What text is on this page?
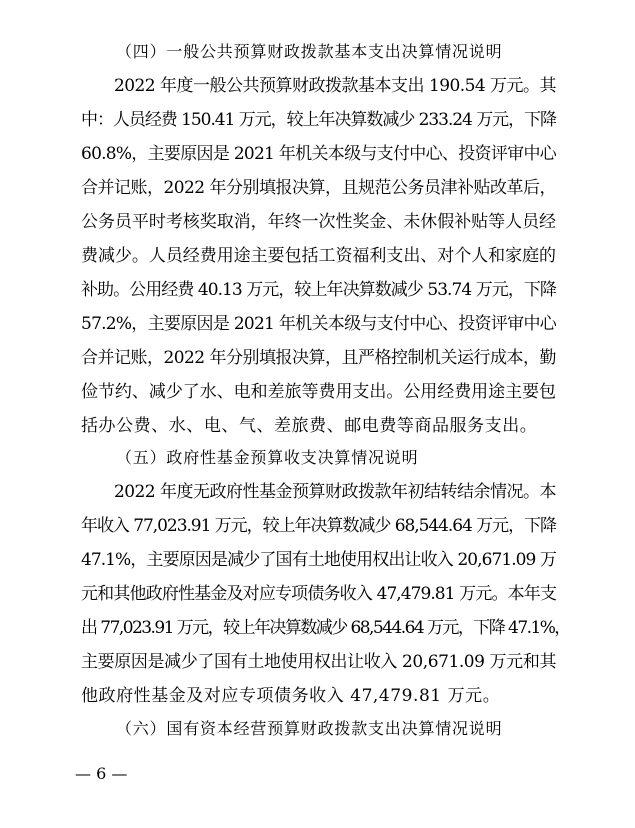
（四）一般公共预算财政拨款基本支出决算情况说明
　　2022 年度一般公共预算财政拨款基本支出 190.54 万元。其
中：人员经费 150.41 万元，较上年决算数减少 233.24 万元，下降
60.8%，主要原因是 2021 年机关本级与支付中心、投资评审中心
合并记账，2022 年分别填报决算，且规范公务员津补贴改革后，
公务员平时考核奖取消，年终一次性奖金、未休假补贴等人员经
费减少。人员经费用途主要包括工资福利支出、对个人和家庭的
补助。公用经费 40.13 万元，较上年决算数减少 53.74 万元，下降
57.2%，主要原因是 2021 年机关本级与支付中心、投资评审中心
合并记账，2022 年分别填报决算，且严格控制机关运行成本，勤
俭节约、减少了水、电和差旅等费用支出。公用经费用途主要包
括办公费、水、电、气、差旅费、邮电费等商品服务支出。
（五）政府性基金预算收支决算情况说明
　　2022 年度无政府性基金预算财政拨款年初结转结余情况。本
年收入 77,023.91 万元，较上年决算数减少 68,544.64 万元，下降
47.1%，主要原因是减少了国有土地使用权出让收入 20,671.09 万
元和其他政府性基金及对应专项债务收入 47,479.81 万元。本年支
出 77,023.91 万元，较上年决算数减少 68,544.64 万元，下降 47.1%，
主要原因是减少了国有土地使用权出让收入 20,671.09 万元和其
他政府性基金及对应专项债务收入 47,479.81 万元。
（六）国有资本经营预算财政拨款支出决算情况说明
— 6 —
